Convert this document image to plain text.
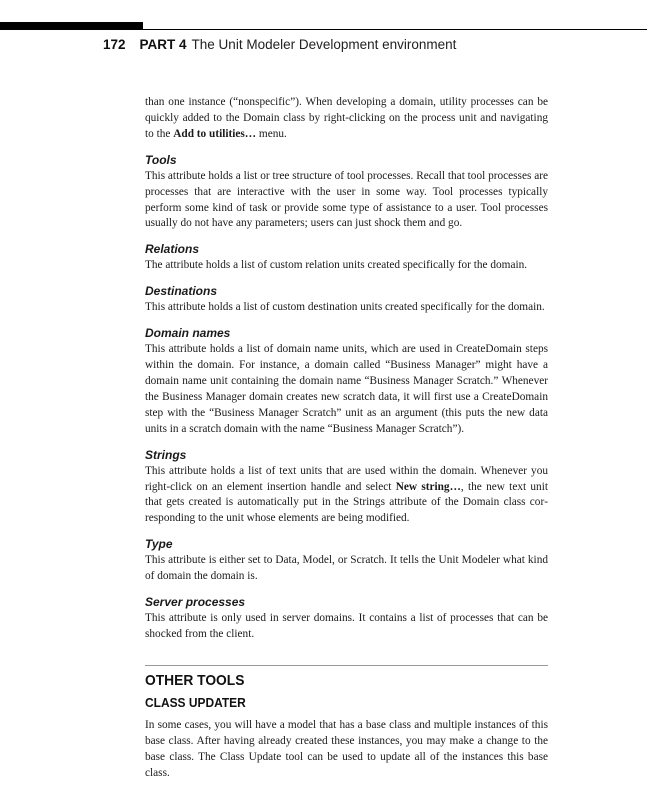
172 PART 4 The Unit Modeler Development environment

than one instance (“nonspecific”). When developing a domain, utility processes can be quickly added to the Domain class by right-clicking on the process unit and navigating to the Add to utilities… menu.

Tools

This attribute holds a list or tree structure of tool processes. Recall that tool processes are processes that are interactive with the user in some way. Tool processes typically perform some kind of task or provide some type of assistance to a user. Tool processes usually do not have any parameters; users can just shock them and go.

Relations

The attribute holds a list of custom relation units created specifically for the domain.

Destinations

This attribute holds a list of custom destination units created specifically for the domain.

Domain names

This attribute holds a list of domain name units, which are used in CreateDomain steps within the domain. For instance, a domain called “Business Manager” might have a domain name unit containing the domain name “Business Manager Scratch.” Whenever the Business Manager domain creates new scratch data, it will first use a CreateDomain step with the “Business Manager Scratch” unit as an argument (this puts the new data units in a scratch domain with the name “Business Manager Scratch”).

Strings

This attribute holds a list of text units that are used within the domain. Whenever you right-click on an element insertion handle and select New string…, the new text unit that gets created is automatically put in the Strings attribute of the Domain class corresponding to the unit whose elements are being modified.

Type

This attribute is either set to Data, Model, or Scratch. It tells the Unit Modeler what kind of domain the domain is.

Server processes

This attribute is only used in server domains. It contains a list of processes that can be shocked from the client.

OTHER TOOLS
CLASS UPDATER

In some cases, you will have a model that has a base class and multiple instances of this base class. After having already created these instances, you may make a change to the base class. The Class Update tool can be used to update all of the instances this base class.
